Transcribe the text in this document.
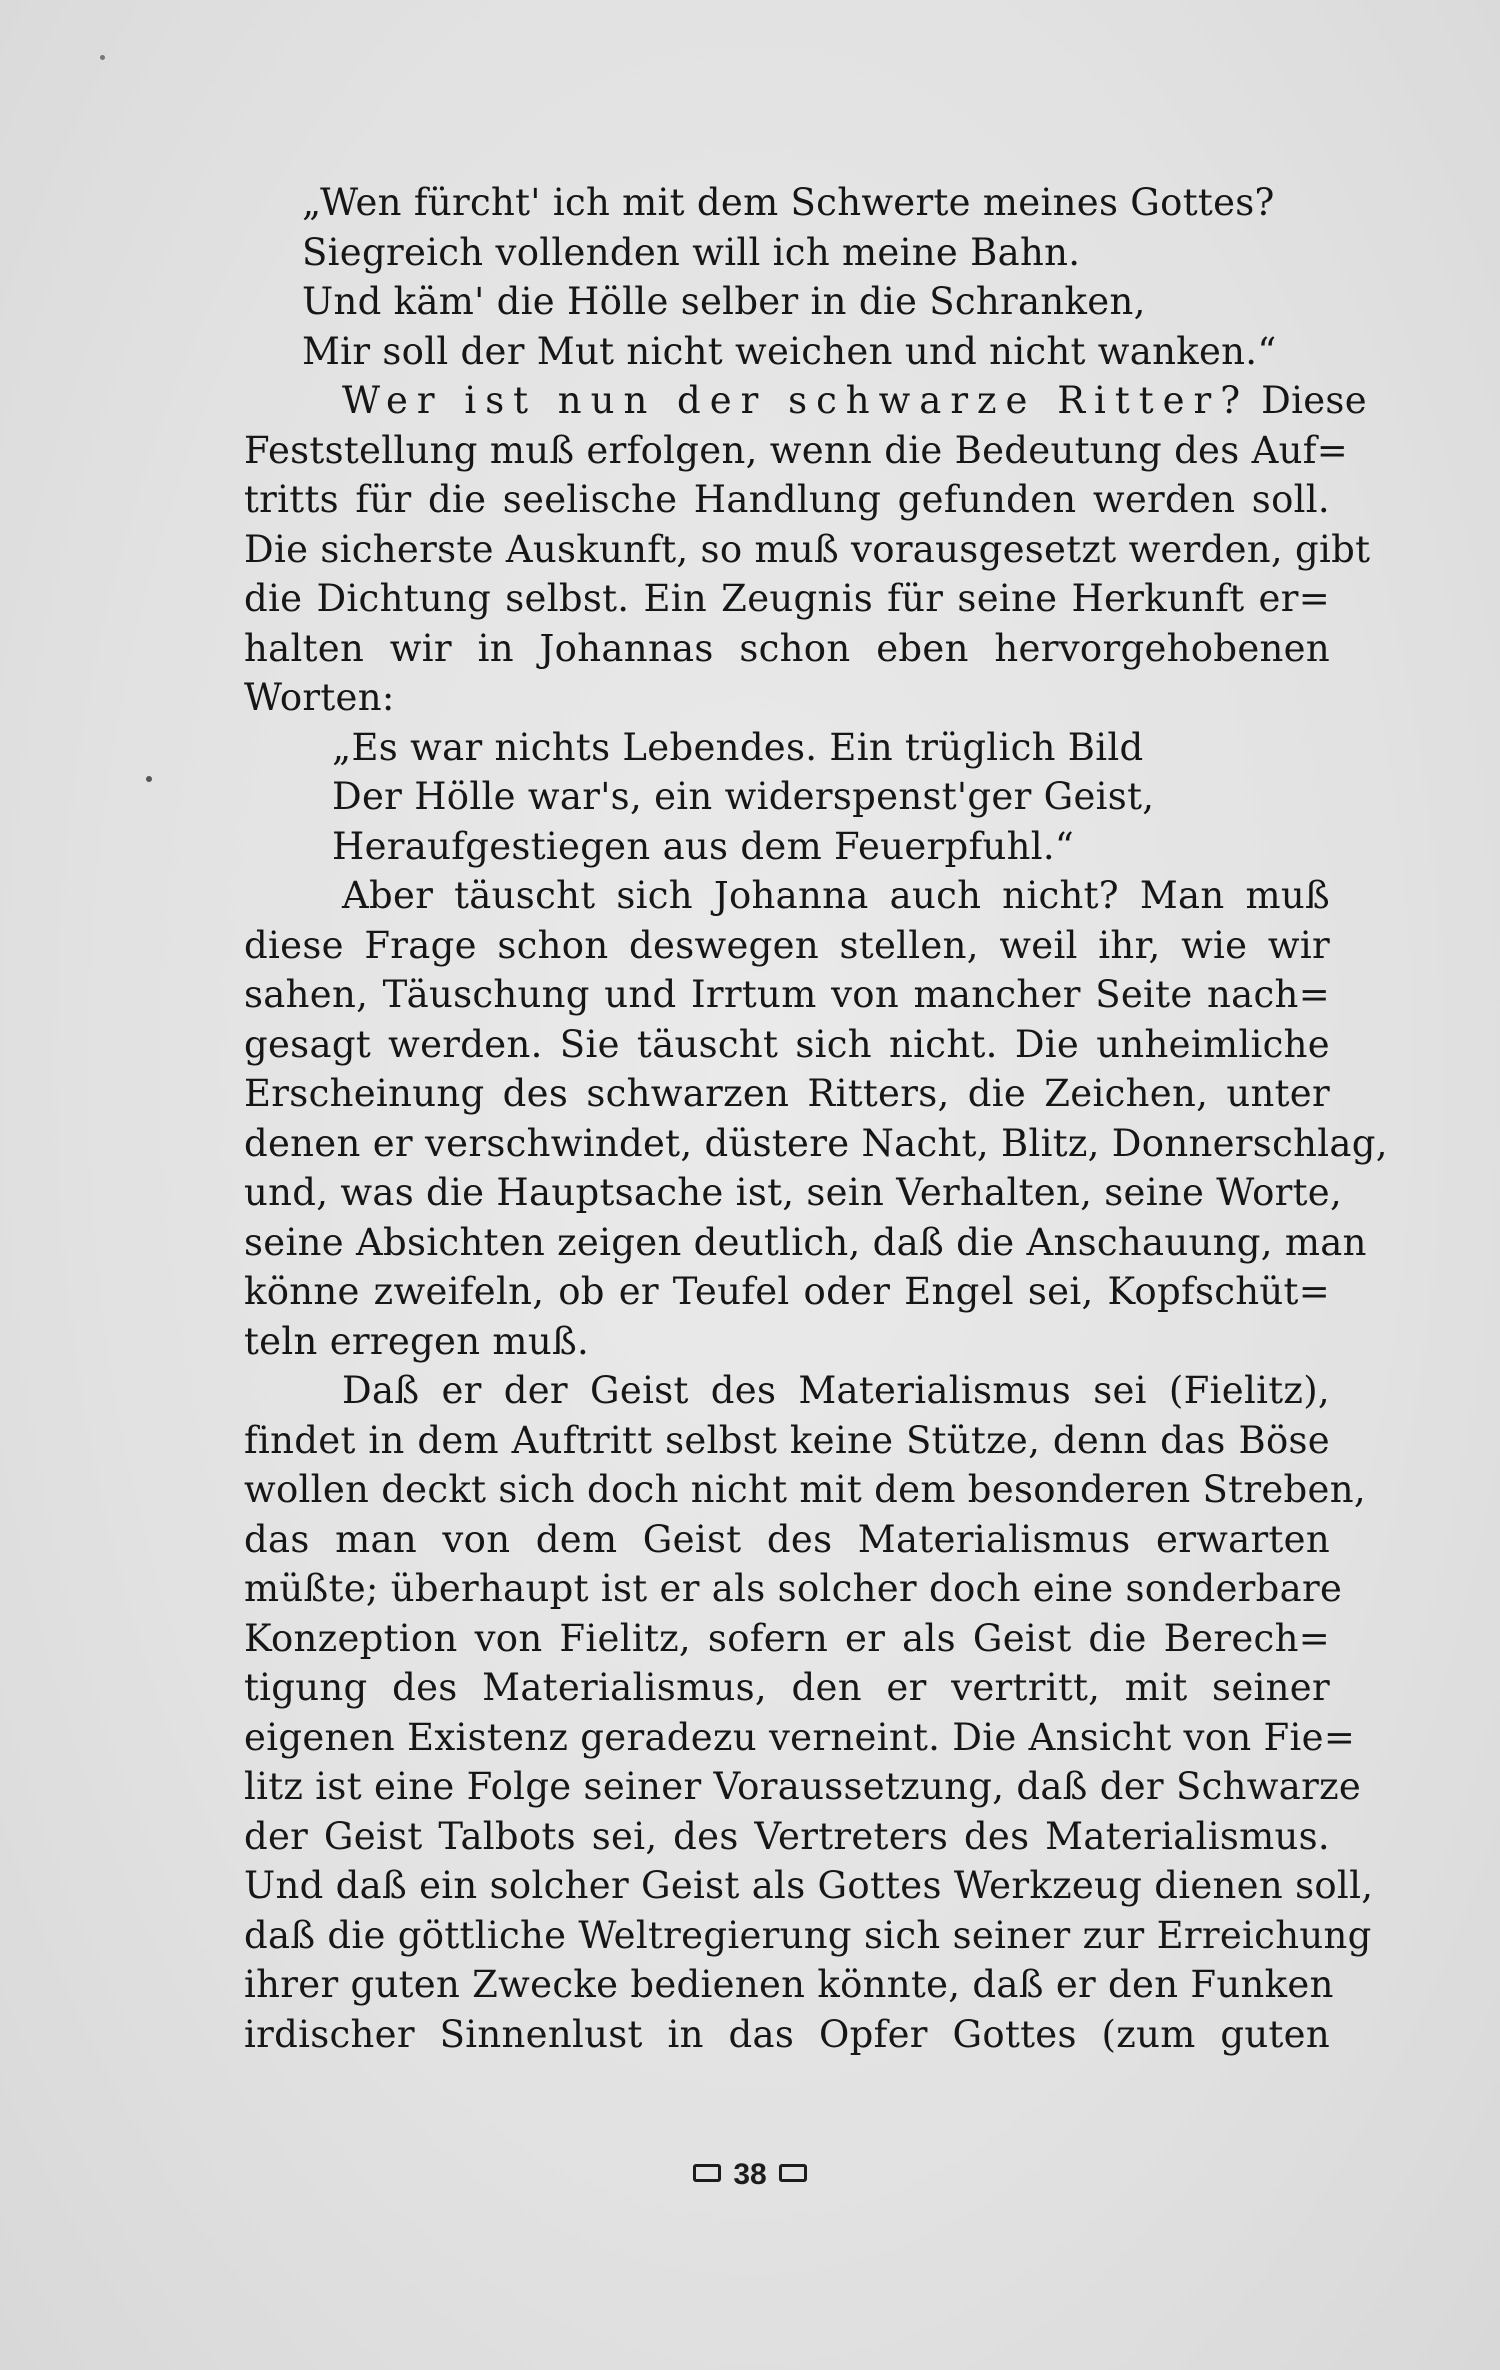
„Wen fürcht' ich mit dem Schwerte meines Gottes?
Siegreich vollenden will ich meine Bahn.
Und käm' die Hölle selber in die Schranken,
Mir soll der Mut nicht weichen und nicht wanken.“
Wer ist nun der schwarze Ritter? Diese
Feststellung muß erfolgen, wenn die Bedeutung des Auf=
tritts für die seelische Handlung gefunden werden soll.
Die sicherste Auskunft, so muß vorausgesetzt werden, gibt
die Dichtung selbst. Ein Zeugnis für seine Herkunft er=
halten wir in Johannas schon eben hervorgehobenen
Worten:
„Es war nichts Lebendes. Ein trüglich Bild
Der Hölle war's, ein widerspenst'ger Geist,
Heraufgestiegen aus dem Feuerpfuhl.“
Aber täuscht sich Johanna auch nicht? Man muß
diese Frage schon deswegen stellen, weil ihr, wie wir
sahen, Täuschung und Irrtum von mancher Seite nach=
gesagt werden. Sie täuscht sich nicht. Die unheimliche
Erscheinung des schwarzen Ritters, die Zeichen, unter
denen er verschwindet, düstere Nacht, Blitz, Donnerschlag,
und, was die Hauptsache ist, sein Verhalten, seine Worte,
seine Absichten zeigen deutlich, daß die Anschauung, man
könne zweifeln, ob er Teufel oder Engel sei, Kopfschüt=
teln erregen muß.
Daß er der Geist des Materialismus sei (Fielitz),
findet in dem Auftritt selbst keine Stütze, denn das Böse
wollen deckt sich doch nicht mit dem besonderen Streben,
das man von dem Geist des Materialismus erwarten
müßte; überhaupt ist er als solcher doch eine sonderbare
Konzeption von Fielitz, sofern er als Geist die Berech=
tigung des Materialismus, den er vertritt, mit seiner
eigenen Existenz geradezu verneint. Die Ansicht von Fie=
litz ist eine Folge seiner Voraussetzung, daß der Schwarze
der Geist Talbots sei, des Vertreters des Materialismus.
Und daß ein solcher Geist als Gottes Werkzeug dienen soll,
daß die göttliche Weltregierung sich seiner zur Erreichung
ihrer guten Zwecke bedienen könnte, daß er den Funken
irdischer Sinnenlust in das Opfer Gottes (zum guten
38
